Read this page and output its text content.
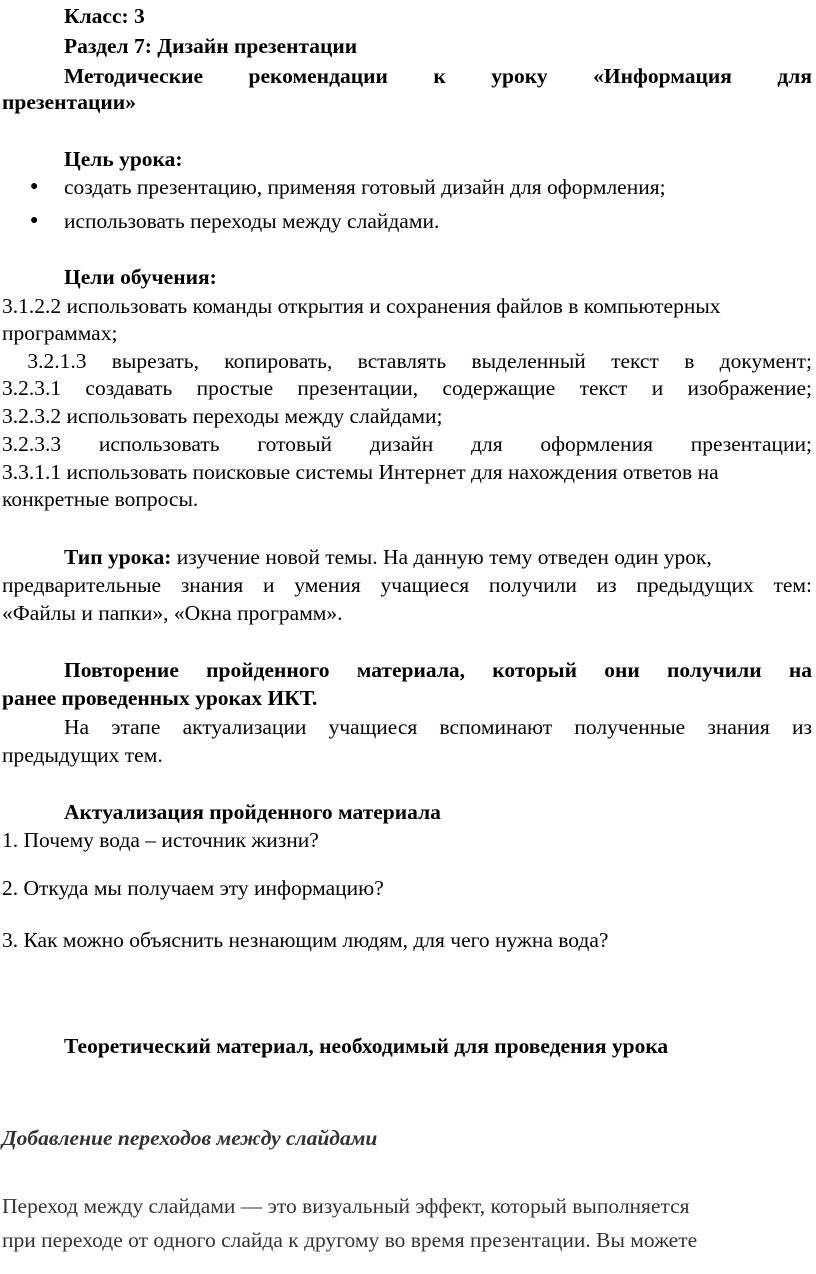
Класс: 3
Раздел 7: Дизайн презентации
Методические рекомендации к уроку «Информация для
презентации»
Цель урока:
● создать презентацию, применяя готовый дизайн для оформления;
● использовать переходы между слайдами.
Цели обучения:
3.1.2.2 использовать команды открытия и сохранения файлов в компьютерных
программах;
3.2.1.3 вырезать, копировать, вставлять выделенный текст в документ;
3.2.3.1 создавать простые презентации, содержащие текст и изображение;
3.2.3.2 использовать переходы между слайдами;
3.2.3.3 использовать готовый дизайн для оформления презентации;
3.3.1.1 использовать поисковые системы Интернет для нахождения ответов на
конкретные вопросы.
Тип урока: изучение новой темы. На данную тему отведен один урок,
предварительные знания и умения учащиеся получили из предыдущих тем:
«Файлы и папки», «Окна программ».
Повторение пройденного материала, который они получили на
ранее проведенных уроках ИКТ.
На этапе актуализации учащиеся вспоминают полученные знания из
предыдущих тем.
Актуализация пройденного материала
1. Почему вода – источник жизни?
2. Откуда мы получаем эту информацию?
3. Как можно объяснить незнающим людям, для чего нужна вода?
Теоретический материал, необходимый для проведения урока
Добавление переходов между слайдами
Переход между слайдами — это визуальный эффект, который выполняется
при переходе от одного слайда к другому во время презентации. Вы можете
